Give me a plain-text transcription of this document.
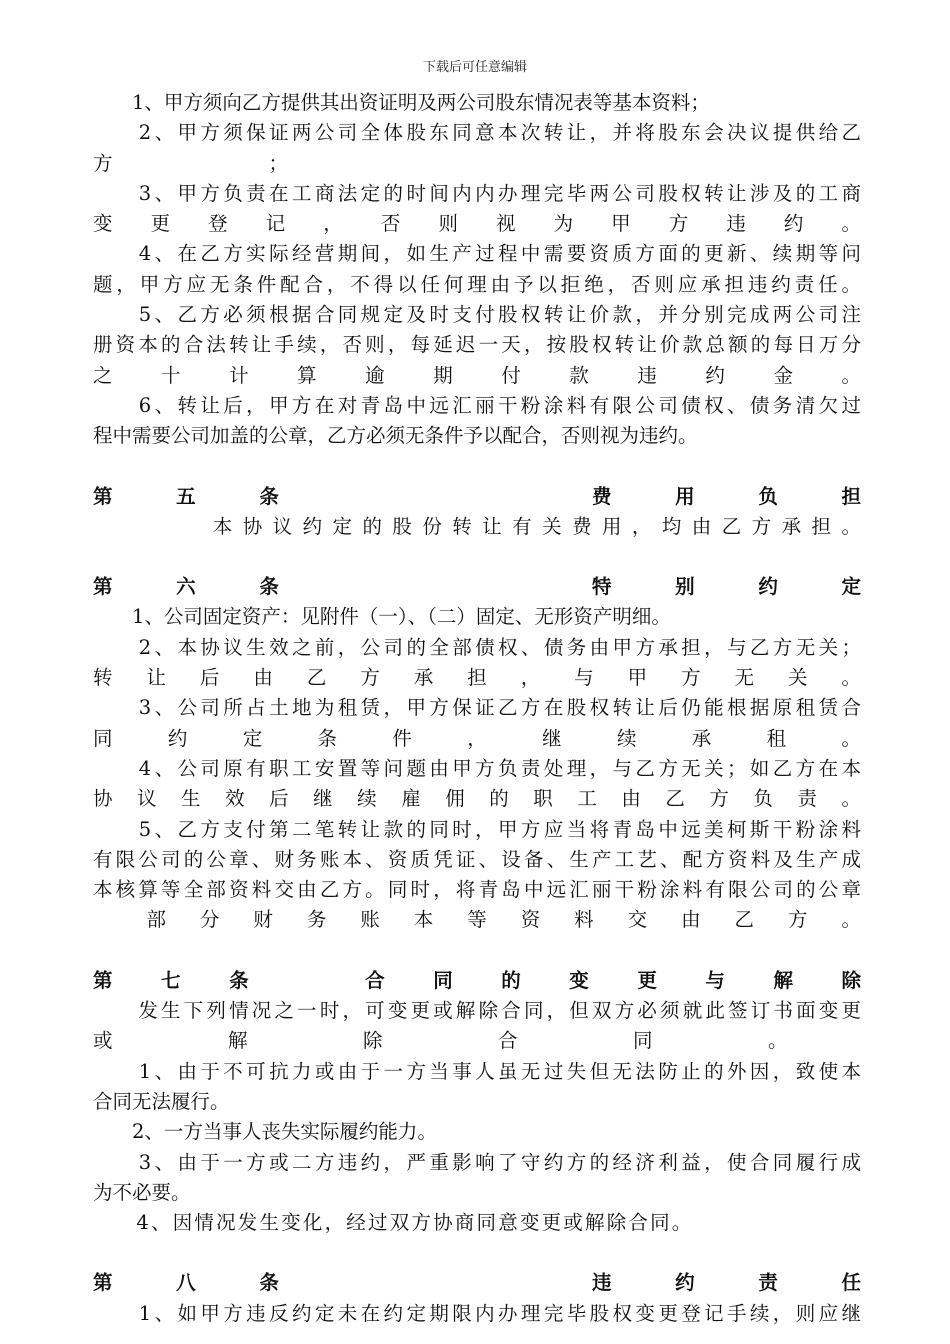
下载后可任意编辑
　　1、甲方须向乙方提供其出资证明及两公司股东情况表等基本资料；
　　2、甲方须保证两公司全体股东同意本次转让，并将股东会决议提供给乙
方　　　　　　　　；
　　3、甲方负责在工商法定的时间内内办理完毕两公司股权转让涉及的工商
变更登记，否则视为甲方违约。
　　4、在乙方实际经营期间，如生产过程中需要资质方面的更新、续期等问
题，甲方应无条件配合，不得以任何理由予以拒绝，否则应承担违约责任。
　　5、乙方必须根据合同规定及时支付股权转让价款，并分别完成两公司注
册资本的合法转让手续，否则，每延迟一天，按股权转让价款总额的每日万分
之十计算逾期付款违约金。
　　6、转让后，甲方在对青岛中远汇丽干粉涂料有限公司债权、债务清欠过
程中需要公司加盖的公章，乙方必须无条件予以配合，否则视为违约。
第五条　　　费用负担
　　　　本协议约定的股份转让有关费用，均由乙方承担。
第六条　　　特别约定
　　1、公司固定资产：见附件（一）、（二）固定、无形资产明细。
　　2、本协议生效之前，公司的全部债权、债务由甲方承担，与乙方无关；
转让后由乙方承担，与甲方无关。
　　3、公司所占土地为租赁，甲方保证乙方在股权转让后仍能根据原租赁合
同约定条件，继续承租。
　　4、公司原有职工安置等问题由甲方负责处理，与乙方无关；如乙方在本
协议生效后继续雇佣的职工由乙方负责。
　　5、乙方支付第二笔转让款的同时，甲方应当将青岛中远美柯斯干粉涂料
有限公司的公章、财务账本、资质凭证、设备、生产工艺、配方资料及生产成
本核算等全部资料交由乙方。同时，将青岛中远汇丽干粉涂料有限公司的公章
　部分财务账本等资料交由乙方。
第七条　合同的变更与解除
　　发生下列情况之一时，可变更或解除合同，但双方必须就此签订书面变更
或　解　除　合　同　。
　　1、由于不可抗力或由于一方当事人虽无过失但无法防止的外因，致使本
合同无法履行。
　　2、一方当事人丧失实际履约能力。
　　3、由于一方或二方违约，严重影响了守约方的经济利益，使合同履行成
为不必要。
　　4、因情况发生变化，经过双方协商同意变更或解除合同。
第八条　　　违约责任
　　1、如甲方违反约定未在约定期限内办理完毕股权变更登记手续，则应继
